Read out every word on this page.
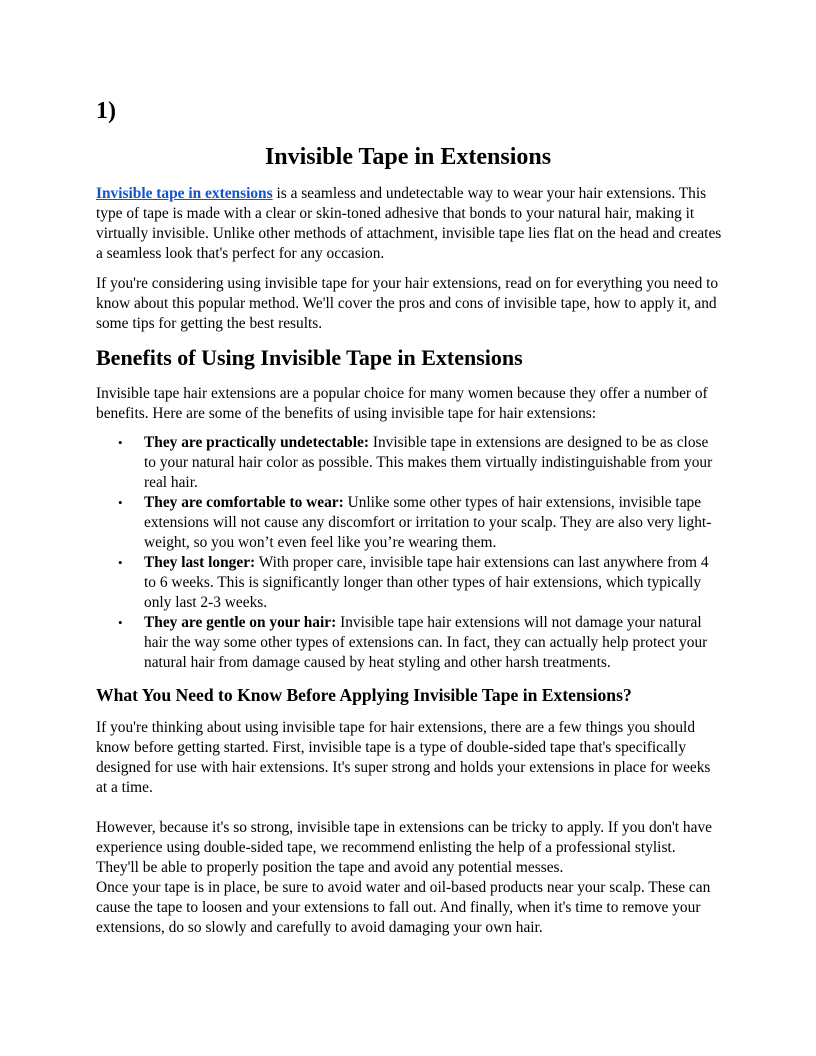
1)
Invisible Tape in Extensions

Invisible tape in extensions is a seamless and undetectable way to wear your hair extensions. This type of tape is made with a clear or skin-toned adhesive that bonds to your natural hair, making it virtually invisible. Unlike other methods of attachment, invisible tape lies flat on the head and creates a seamless look that's perfect for any occasion.

If you're considering using invisible tape for your hair extensions, read on for everything you need to know about this popular method. We'll cover the pros and cons of invisible tape, how to apply it, and some tips for getting the best results.

Benefits of Using Invisible Tape in Extensions

Invisible tape hair extensions are a popular choice for many women because they offer a number of benefits. Here are some of the benefits of using invisible tape for hair extensions:

• They are practically undetectable: Invisible tape in extensions are designed to be as close to your natural hair color as possible. This makes them virtually indistinguishable from your real hair.
• They are comfortable to wear: Unlike some other types of hair extensions, invisible tape extensions will not cause any discomfort or irritation to your scalp. They are also very light-weight, so you won’t even feel like you’re wearing them.
• They last longer: With proper care, invisible tape hair extensions can last anywhere from 4 to 6 weeks. This is significantly longer than other types of hair extensions, which typically only last 2-3 weeks.
• They are gentle on your hair: Invisible tape hair extensions will not damage your natural hair the way some other types of extensions can. In fact, they can actually help protect your natural hair from damage caused by heat styling and other harsh treatments.
What You Need to Know Before Applying Invisible Tape in Extensions?

If you're thinking about using invisible tape for hair extensions, there are a few things you should know before getting started. First, invisible tape is a type of double-sided tape that's specifically designed for use with hair extensions. It's super strong and holds your extensions in place for weeks at a time.

However, because it's so strong, invisible tape in extensions can be tricky to apply. If you don't have experience using double-sided tape, we recommend enlisting the help of a professional stylist. They'll be able to properly position the tape and avoid any potential messes.

Once your tape is in place, be sure to avoid water and oil-based products near your scalp. These can cause the tape to loosen and your extensions to fall out. And finally, when it's time to remove your extensions, do so slowly and carefully to avoid damaging your own hair.
